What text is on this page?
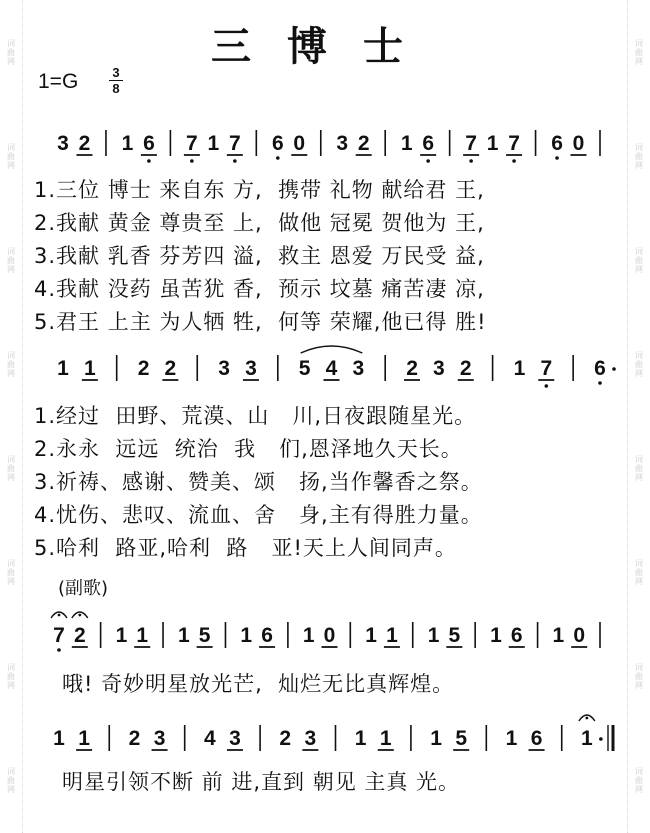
词曲网
词曲网
词曲网
词曲网
词曲网
词曲网
词曲网
词曲网
词曲网
词曲网
词曲网
词曲网
词曲网
词曲网
词曲网
词曲网
三博士
$1=G \frac{3}{8}$
3 2 1 6 7 1 7 6 0 3 2 1 6 7 1 7 6 0
1 1 2 2 3 3 5 4 3 2 3 2 1 7 6
7 2 1 1 1 5 1 6 1 0 1 1 1 5 1 6 1 0
1 1 2 3 4 3 2 3 1 1 1 5 1 6 1

1.三位 博士 来自东 方,  携带 礼物 献给君 王,

2.我献 黄金 尊贵至 上,  做他 冠冕 贺他为 王,

3.我献 乳香 芬芳四 溢,  救主 恩爱 万民受 益,

4.我献 没药 虽苦犹 香,  预示 坟墓 痛苦凄 凉,

5.君王 上主 为人牺 牲,  何等 荣耀,他已得 胜!

1.经过  田野、荒漠、山   川,日夜跟随星光。

2.永永  远远  统治  我   们,恩泽地久天长。

3.祈祷、感谢、赞美、颂   扬,当作馨香之祭。

4.忧伤、悲叹、流血、舍   身,主有得胜力量。

5.哈利  路亚,哈利  路   亚!天上人间同声。

(副歌)

哦! 奇妙明星放光芒,  灿烂无比真辉煌。

明星引领不断 前 进,直到 朝见 主真 光。
